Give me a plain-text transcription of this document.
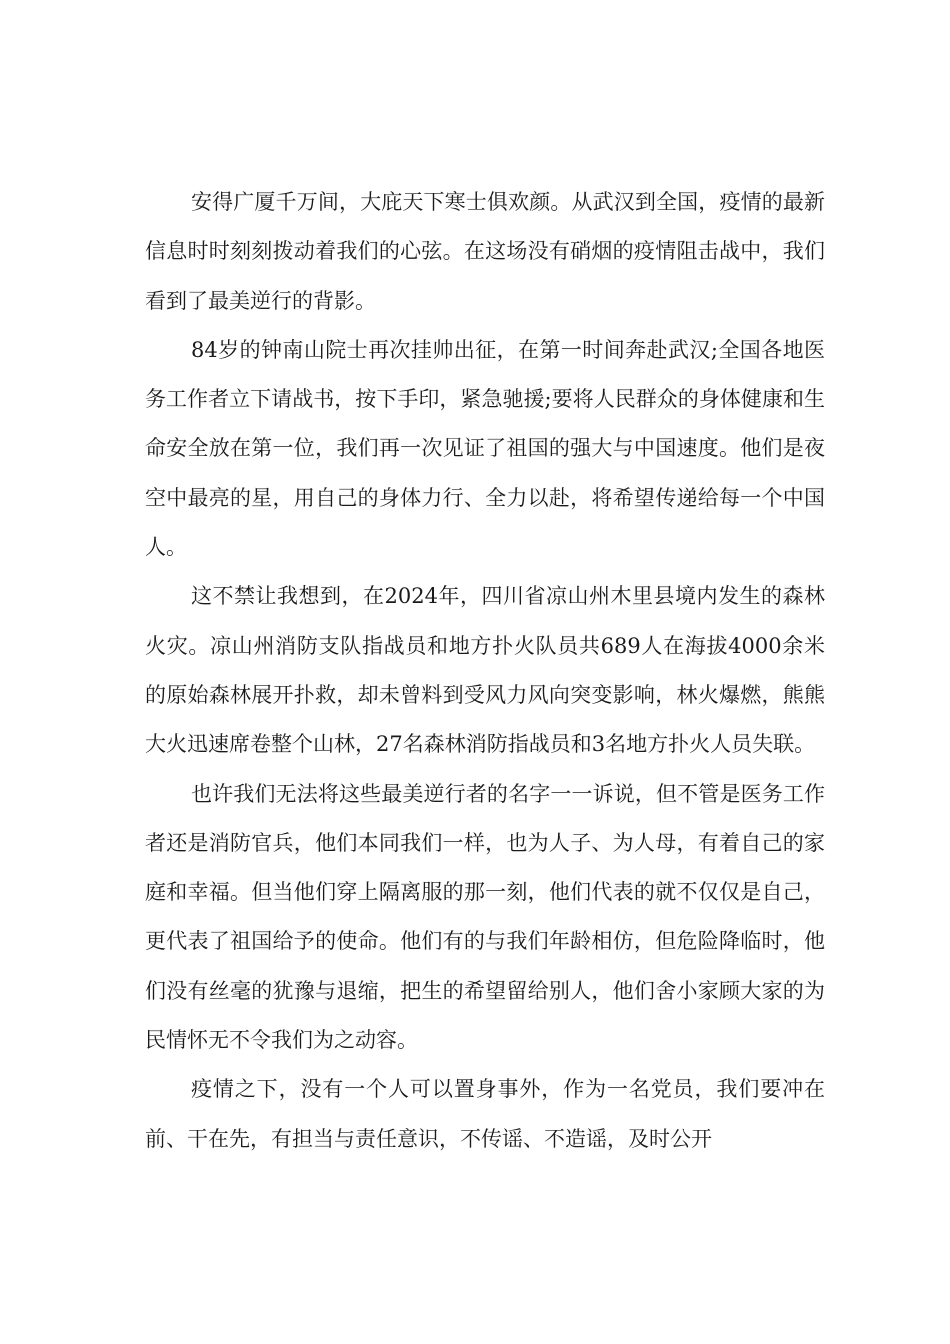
安得广厦千万间，大庇天下寒士俱欢颜。从武汉到全国，疫情的最新信息时时刻刻拨动着我们的心弦。在这场没有硝烟的疫情阻击战中，我们看到了最美逆行的背影。

84岁的钟南山院士再次挂帅出征，在第一时间奔赴武汉;全国各地医务工作者立下请战书，按下手印，紧急驰援;要将人民群众的身体健康和生命安全放在第一位，我们再一次见证了祖国的强大与中国速度。他们是夜空中最亮的星，用自己的身体力行、全力以赴，将希望传递给每一个中国人。

这不禁让我想到，在2024年，四川省凉山州木里县境内发生的森林火灾。凉山州消防支队指战员和地方扑火队员共689人在海拔4000余米的原始森林展开扑救，却未曾料到受风力风向突变影响，林火爆燃，熊熊大火迅速席卷整个山林，27名森林消防指战员和3名地方扑火人员失联。

也许我们无法将这些最美逆行者的名字一一诉说，但不管是医务工作者还是消防官兵，他们本同我们一样，也为人子、为人母，有着自己的家庭和幸福。但当他们穿上隔离服的那一刻，他们代表的就不仅仅是自己，更代表了祖国给予的使命。他们有的与我们年龄相仿，但危险降临时，他们没有丝毫的犹豫与退缩，把生的希望留给别人，他们舍小家顾大家的为民情怀无不令我们为之动容。

疫情之下，没有一个人可以置身事外，作为一名党员，我们要冲在前、干在先，有担当与责任意识，不传谣、不造谣，及时公开
